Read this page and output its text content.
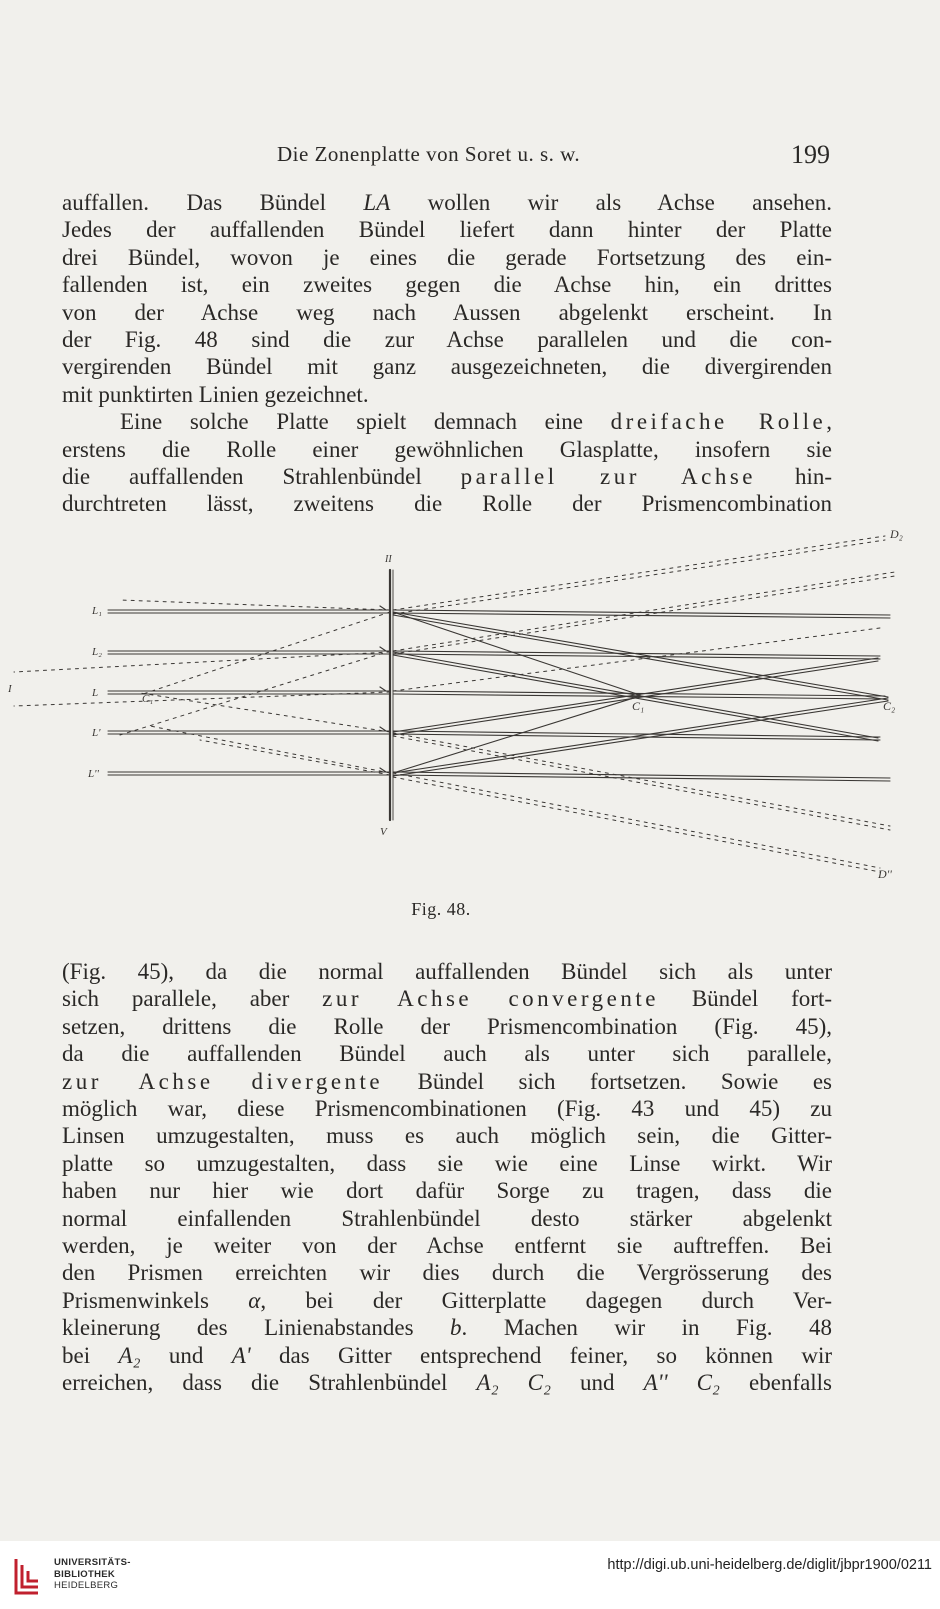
Die Zonenplatte von Soret u. s. w.	199

auffallen. Das Bündel LA wollen wir als Achse ansehen.

Jedes der auffallenden Bündel liefert dann hinter der Platte

drei Bündel, wovon je eines die gerade Fortsetzung des ein-

fallenden ist, ein zweites gegen die Achse hin, ein drittes

von der Achse weg nach Aussen abgelenkt erscheint. In

der Fig. 48 sind die zur Achse parallelen und die con-

vergirenden Bündel mit ganz ausgezeichneten, die divergirenden

mit punktirten Linien gezeichnet.

Eine solche Platte spielt demnach eine dreifache Rolle,

erstens die Rolle einer gewöhnlichen Glasplatte, insofern sie

die auffallenden Strahlenbündel parallel zur Achse hin-

durchtreten lässt, zweitens die Rolle der Prismencombination

L₁
L₂
L
L'
L''
I
C₁	C₁	C₂
D₂
D''
II
V
Fig. 48.

(Fig. 45), da die normal auffallenden Bündel sich als unter

sich parallele, aber zur Achse convergente Bündel fort-

setzen, drittens die Rolle der Prismencombination (Fig. 45),

da die auffallenden Bündel auch als unter sich parallele,

zur Achse divergente Bündel sich fortsetzen. Sowie es

möglich war, diese Prismencombinationen (Fig. 43 und 45) zu

Linsen umzugestalten, muss es auch möglich sein, die Gitter-

platte so umzugestalten, dass sie wie eine Linse wirkt. Wir

haben nur hier wie dort dafür Sorge zu tragen, dass die

normal einfallenden Strahlenbündel desto stärker abgelenkt

werden, je weiter von der Achse entfernt sie auftreffen. Bei

den Prismen erreichten wir dies durch die Vergrösserung des

Prismenwinkels α, bei der Gitterplatte dagegen durch Ver-

kleinerung des Linienabstandes b. Machen wir in Fig. 48

bei A₂ und A' das Gitter entsprechend feiner, so können wir

erreichen, dass die Strahlenbündel A₂ C₂ und A'' C₂ ebenfalls

UNIVERSITÄTS-
BIBLIOTHEK
HEIDELBERG
http://digi.ub.uni-heidelberg.de/diglit/jbpr1900/0211
